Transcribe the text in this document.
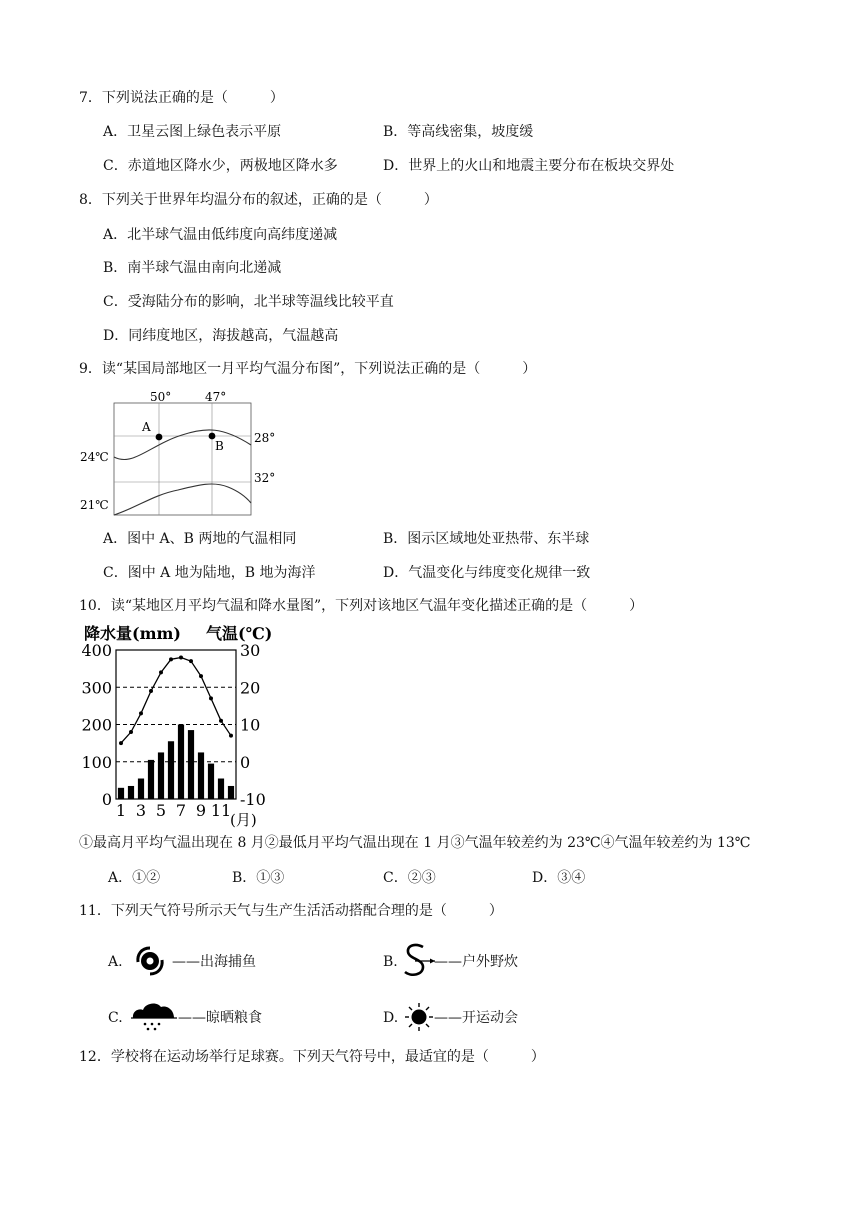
7．下列说法正确的是（　　　）
A．卫星云图上绿色表示平原	B．等高线密集，坡度缓
C．赤道地区降水少，两极地区降水多	D．世界上的火山和地震主要分布在板块交界处
8．下列关于世界年均温分布的叙述，正确的是（　　　）
A．北半球气温由低纬度向高纬度递减
B．南半球气温由南向北递减
C．受海陆分布的影响，北半球等温线比较平直
D．同纬度地区，海拔越高，气温越高
9．读“某国局部地区一月平均气温分布图”，下列说法正确的是（　　　）
50°	47°
A
B
24℃
21℃
28°
32°
A．图中 A、B 两地的气温相同	B．图示区域地处亚热带、东半球
C．图中 A 地为陆地，B 地为海洋	D．气温变化与纬度变化规律一致
10．读“某地区月平均气温和降水量图”，下列对该地区气温年变化描述正确的是（　　　）
降水量(mm) 气温(℃)
0
100
200
300
400
-10
0
10
20
30
1 3 5 7 9 11
(月)
①最高月平均气温出现在 8 月②最低月平均气温出现在 1 月③气温年较差约为 23℃④气温年较差约为 13℃
A．①②	B．①③	C．②③	D．③④
11．下列天气符号所示天气与生产生活活动搭配合理的是（　　　）
A.	——出海捕鱼	B.	——户外野炊
C.	——晾晒粮食	D.	——开运动会
12．学校将在运动场举行足球赛。下列天气符号中，最适宜的是（　　　）
